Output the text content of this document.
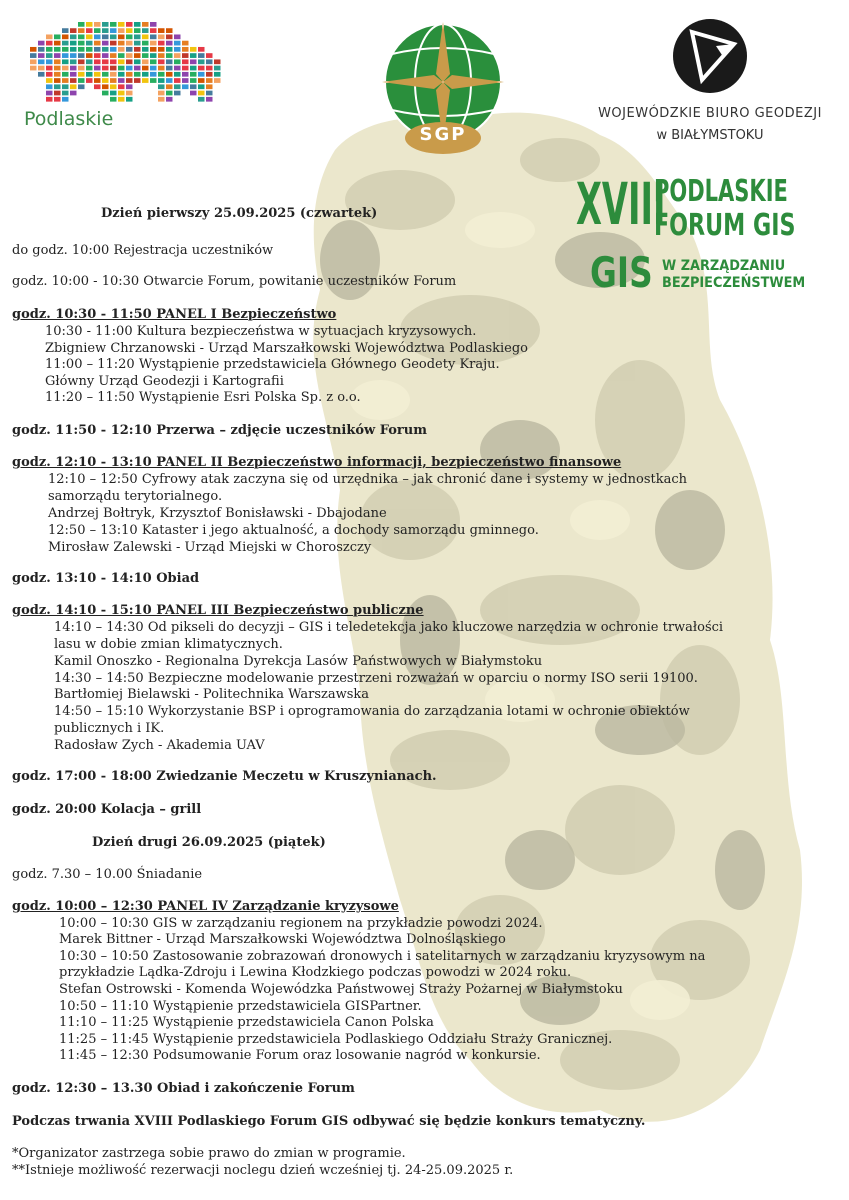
Podlaskie
SGP
WOJEWÓDZKIE BIURO GEODEZJI
w BIAŁYMSTOKU
XVIII
PODLASKIE
FORUM GIS
GIS W ZARZĄDZANIU
BEZPIECZEŃSTWEM

Dzień pierwszy 25.09.2025 (czwartek)

do godz. 10:00 Rejestracja uczestników

godz. 10:00 - 10:30 Otwarcie Forum, powitanie uczestników Forum

godz. 10:30 - 11:50 PANEL I Bezpieczeństwo

10:30 - 11:00 Kultura bezpieczeństwa w sytuacjach kryzysowych.

Zbigniew Chrzanowski - Urząd Marszałkowski Województwa Podlaskiego

11:00 – 11:20 Wystąpienie przedstawiciela Głównego Geodety Kraju.

Główny Urząd Geodezji i Kartografii

11:20 – 11:50 Wystąpienie Esri Polska Sp. z o.o.

godz. 11:50 - 12:10 Przerwa – zdjęcie uczestników Forum

godz. 12:10 - 13:10 PANEL II Bezpieczeństwo informacji, bezpieczeństwo finansowe

12:10 – 12:50 Cyfrowy atak zaczyna się od urzędnika – jak chronić dane i systemy w jednostkach

samorządu terytorialnego.

Andrzej Bołtryk, Krzysztof Bonisławski - Dbajodane

12:50 – 13:10 Kataster i jego aktualność, a dochody samorządu gminnego.

Mirosław Zalewski - Urząd Miejski w Choroszczy

godz. 13:10 - 14:10 Obiad

godz. 14:10 - 15:10 PANEL III Bezpieczeństwo publiczne

14:10 – 14:30 Od pikseli do decyzji – GIS i teledetekcja jako kluczowe narzędzia w ochronie trwałości

lasu w dobie zmian klimatycznych.

Kamil Onoszko - Regionalna Dyrekcja Lasów Państwowych w Białymstoku

14:30 – 14:50 Bezpieczne modelowanie przestrzeni rozważań w oparciu o normy ISO serii 19100.

Bartłomiej Bielawski - Politechnika Warszawska

14:50 – 15:10 Wykorzystanie BSP i oprogramowania do zarządzania lotami w ochronie obiektów

publicznych i IK.

Radosław Zych - Akademia UAV

godz. 17:00 - 18:00 Zwiedzanie Meczetu w Kruszynianach.

godz. 20:00 Kolacja – grill

Dzień drugi 26.09.2025 (piątek)

godz. 7.30 – 10.00 Śniadanie

godz. 10:00 – 12:30 PANEL IV Zarządzanie kryzysowe

10:00 – 10:30 GIS w zarządzaniu regionem na przykładzie powodzi 2024.

Marek Bittner - Urząd Marszałkowski Województwa Dolnośląskiego

10:30 – 10:50 Zastosowanie zobrazowań dronowych i satelitarnych w zarządzaniu kryzysowym na

przykładzie Lądka-Zdroju i Lewina Kłodzkiego podczas powodzi w 2024 roku.

Stefan Ostrowski - Komenda Wojewódzka Państwowej Straży Pożarnej w Białymstoku

10:50 – 11:10 Wystąpienie przedstawiciela GISPartner.

11:10 – 11:25 Wystąpienie przedstawiciela Canon Polska

11:25 – 11:45 Wystąpienie przedstawiciela Podlaskiego Oddziału Straży Granicznej.

11:45 – 12:30 Podsumowanie Forum oraz losowanie nagród w konkursie.

godz. 12:30 – 13.30 Obiad i zakończenie Forum

Podczas trwania XVIII Podlaskiego Forum GIS odbywać się będzie konkurs tematyczny.

*Organizator zastrzega sobie prawo do zmian w programie.

**Istnieje możliwość rezerwacji noclegu dzień wcześniej tj. 24-25.09.2025 r.
